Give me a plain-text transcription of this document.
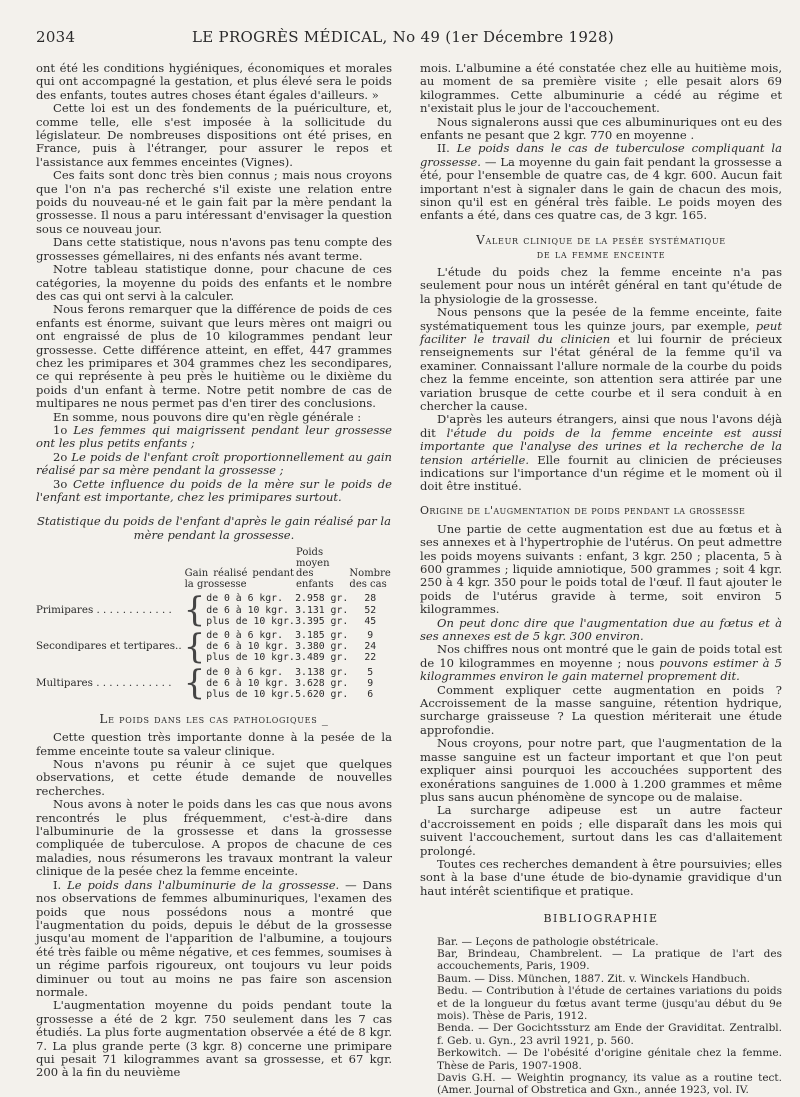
2034	LE PROGRÈS MÉDICAL, No 49 (1er Décembre 1928)

ont été les conditions hygiéniques, économiques et morales qui ont accompagné la gestation, et plus élevé sera le poids des enfants, toutes autres choses étant égales d'ailleurs. »

Cette loi est un des fondements de la puériculture, et, comme telle, elle s'est imposée à la sollicitude du législateur. De nombreuses dispositions ont été prises, en France, puis à l'étranger, pour assurer le repos et l'assistance aux femmes enceintes (Vignes).

Ces faits sont donc très bien connus ; mais nous croyons que l'on n'a pas recherché s'il existe une relation entre poids du nouveau-né et le gain fait par la mère pendant la grossesse. Il nous a paru intéressant d'envisager la question sous ce nouveau jour.

Dans cette statistique, nous n'avons pas tenu compte des grossesses gémellaires, ni des enfants nés avant terme.

Notre tableau statistique donne, pour chacune de ces catégories, la moyenne du poids des enfants et le nombre des cas qui ont servi à la calculer.

Nous ferons remarquer que la différence de poids de ces enfants est énorme, suivant que leurs mères ont maigri ou ont engraissé de plus de 10 kilogrammes pendant leur grossesse. Cette différence atteint, en effet, 447 grammes chez les primipares et 304 grammes chez les secondipares, ce qui représente à peu près le huitième ou le dixième du poids d'un enfant à terme. Notre petit nombre de cas de multipares ne nous permet pas d'en tirer des conclusions.

En somme, nous pouvons dire qu'en règle générale :

1o Les femmes qui maigrissent pendant leur grossesse ont les plus petits enfants ;

2o Le poids de l'enfant croît proportionnellement au gain réalisé par sa mère pendant la grossesse ;

3o Cette influence du poids de la mère sur le poids de l'enfant est importante, chez les primipares surtout.

Statistique du poids de l'enfant d'après le gain réalisé par la mère pendant la grossesse.
	Gain réalisé pendant la grossesse		Poids moyen des enfants	Nombre des cas
Primipares . . . . . . . . . . . .	{	de 0 à 6 kgr.	2.958 gr.	28
		de 6 à 10 kgr.	3.131 gr.	52
		plus de 10 kgr.	3.395 gr.	45

Secondipares et tertipares..	{	de 0 à 6 kgr.	3.185 gr.	9
		de 6 à 10 kgr.	3.380 gr.	24
		plus de 10 kgr.	3.489 gr.	22

Multipares . . . . . . . . . . . .	{	de 0 à 6 kgr.	3.138 gr.	5
		de 6 à 10 kgr.	3.628 gr.	9
		plus de 10 kgr.	5.620 gr.	6
Le poids dans les cas pathologiques _

Cette question très importante donne à la pesée de la femme enceinte toute sa valeur clinique.

Nous n'avons pu réunir à ce sujet que quelques observations, et cette étude demande de nouvelles recherches.

Nous avons à noter le poids dans les cas que nous avons rencontrés le plus fréquemment, c'est-à-dire dans l'albuminurie de la grossesse et dans la grossesse compliquée de tuberculose. A propos de chacune de ces maladies, nous résumerons les travaux montrant la valeur clinique de la pesée chez la femme enceinte.

I. Le poids dans l'albuminurie de la grossesse. — Dans nos observations de femmes albuminuriques, l'examen des poids que nous possédons nous a montré que l'augmentation du poids, depuis le début de la grossesse jusqu'au moment de l'apparition de l'albumine, a toujours été très faible ou même négative, et ces femmes, soumises à un régime parfois rigoureux, ont toujours vu leur poids diminuer ou tout au moins ne pas faire son ascension normale.

L'augmentation moyenne du poids pendant toute la grossesse a été de 2 kgr. 750 seulement dans les 7 cas étudiés. La plus forte augmentation observée a été de 8 kgr. 7. La plus grande perte (3 kgr. 8) concerne une primipare qui pesait 71 kilogrammes avant sa grossesse, et 67 kgr. 200 à la fin du neuvième

mois. L'albumine a été constatée chez elle au huitième mois, au moment de sa première visite ; elle pesait alors 69 kilogrammes. Cette albuminurie a cédé au régime et n'existait plus le jour de l'accouchement.

Nous signalerons aussi que ces albuminuriques ont eu des enfants ne pesant que 2 kgr. 770 en moyenne .

II. Le poids dans le cas de tuberculose compliquant la grossesse. — La moyenne du gain fait pendant la grossesse a été, pour l'ensemble de quatre cas, de 4 kgr. 600. Aucun fait important n'est à signaler dans le gain de chacun des mois, sinon qu'il est en général très faible. Le poids moyen des enfants a été, dans ces quatre cas, de 3 kgr. 165.

Valeur clinique de la pesée systématique
de la femme enceinte

L'étude du poids chez la femme enceinte n'a pas seulement pour nous un intérêt général en tant qu'étude de la physiologie de la grossesse.

Nous pensons que la pesée de la femme enceinte, faite systématiquement tous les quinze jours, par exemple, peut faciliter le travail du clinicien et lui fournir de précieux renseignements sur l'état général de la femme qu'il va examiner. Connaissant l'allure normale de la courbe du poids chez la femme enceinte, son attention sera attirée par une variation brusque de cette courbe et il sera conduit à en chercher la cause.

D'après les auteurs étrangers, ainsi que nous l'avons déjà dit l'étude du poids de la femme enceinte est aussi importante que l'analyse des urines et la recherche de la tension artérielle. Elle fournit au clinicien de précieuses indications sur l'importance d'un régime et le moment où il doit être institué.

Origine de l'augmentation de poids pendant la grossesse

Une partie de cette augmentation est due au fœtus et à ses annexes et à l'hypertrophie de l'utérus. On peut admettre les poids moyens suivants : enfant, 3 kgr. 250 ; placenta, 5 à 600 grammes ; liquide amniotique, 500 grammes ; soit 4 kgr. 250 à 4 kgr. 350 pour le poids total de l'œuf. Il faut ajouter le poids de l'utérus gravide à terme, soit environ 5 kilogrammes.

On peut donc dire que l'augmentation due au fœtus et à ses annexes est de 5 kgr. 300 environ.

Nos chiffres nous ont montré que le gain de poids total est de 10 kilogrammes en moyenne ; nous pouvons estimer à 5 kilogrammes environ le gain maternel proprement dit.

Comment expliquer cette augmentation en poids ? Accroissement de la masse sanguine, rétention hydrique, surcharge graisseuse ? La question mériterait une étude approfondie.

Nous croyons, pour notre part, que l'augmentation de la masse sanguine est un facteur important et que l'on peut expliquer ainsi pourquoi les accouchées supportent des exonérations sanguines de 1.000 à 1.200 grammes et même plus sans aucun phénomène de syncope ou de malaise.

La surcharge adipeuse est un autre facteur d'accroissement en poids ; elle disparaît dans les mois qui suivent l'accouchement, surtout dans les cas d'allaitement prolongé.

Toutes ces recherches demandent à être poursuivies; elles sont à la base d'une étude de bio-dynamie gravidique d'un haut intérêt scientifique et pratique.

BIBLIOGRAPHIE

Bar. — Leçons de pathologie obstétricale.

Bar, Brindeau, Chambrelent. — La pratique de l'art des accouchements, Paris, 1909.

Baum. — Diss. München, 1887. Zit. v. Winckels Handbuch.

Bedu. — Contribution à l'étude de certaines variations du poids et de la longueur du fœtus avant terme (jusqu'au début du 9e mois). Thèse de Paris, 1912.

Benda. — Der Gocichtssturz am Ende der Graviditat. Zentralbl. f. Geb. u. Gyn., 23 avril 1921, p. 560.

Berkowitch. — De l'obésité d'origine génitale chez la femme. Thèse de Paris, 1907-1908.

Davis G.H. — Weightin prognancy, its value as a routine tect. (Amer. Journal of Obstretica and Gxn., année 1923, vol. IV.
